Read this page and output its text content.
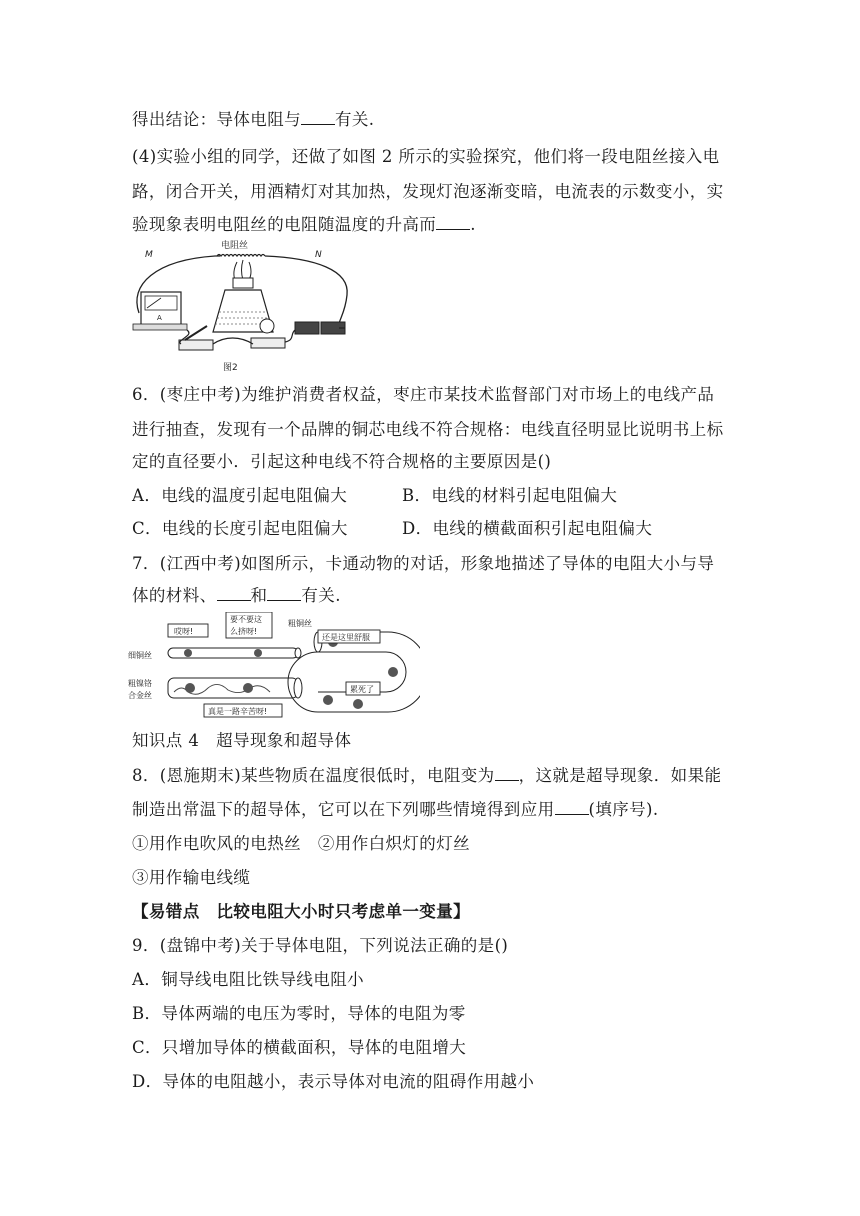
得出结论：导体电阻与 有关.
(4)实验小组的同学，还做了如图 2 所示的实验探究，他们将一段电阻丝接入电
路，闭合开关，用酒精灯对其加热，发现灯泡逐渐变暗，电流表的示数变小，实
验现象表明电阻丝的电阻随温度的升高而 .
电阻丝
M	N
A
图2
6．(枣庄中考)为维护消费者权益，枣庄市某技术监督部门对市场上的电线产品
进行抽查，发现有一个品牌的铜芯电线不符合规格：电线直径明显比说明书上标
定的直径要小．引起这种电线不符合规格的主要原因是()
A．电线的温度引起电阻偏大	B．电线的材料引起电阻偏大
C．电线的长度引起电阻偏大	D．电线的横截面积引起电阻偏大
7．(江西中考)如图所示，卡通动物的对话，形象地描述了导体的电阻大小与导
体的材料、 和 有关.
哎呀!
要不要这
么挤呀!
细铜丝
粗镍铬
合金丝
真是一路辛苦呀!
粗铜丝
还是这里舒服
累死了
知识点 4　超导现象和超导体
8．(恩施期末)某些物质在温度很低时，电阻变为 ，这就是超导现象．如果能
制造出常温下的超导体，它可以在下列哪些情境得到应用 (填序号).
①用作电吹风的电热丝　②用作白炽灯的灯丝
③用作输电线缆
【易错点　比较电阻大小时只考虑单一变量】
9．(盘锦中考)关于导体电阻，下列说法正确的是()
A．铜导线电阻比铁导线电阻小
B．导体两端的电压为零时，导体的电阻为零
C．只增加导体的横截面积，导体的电阻增大
D．导体的电阻越小，表示导体对电流的阻碍作用越小
